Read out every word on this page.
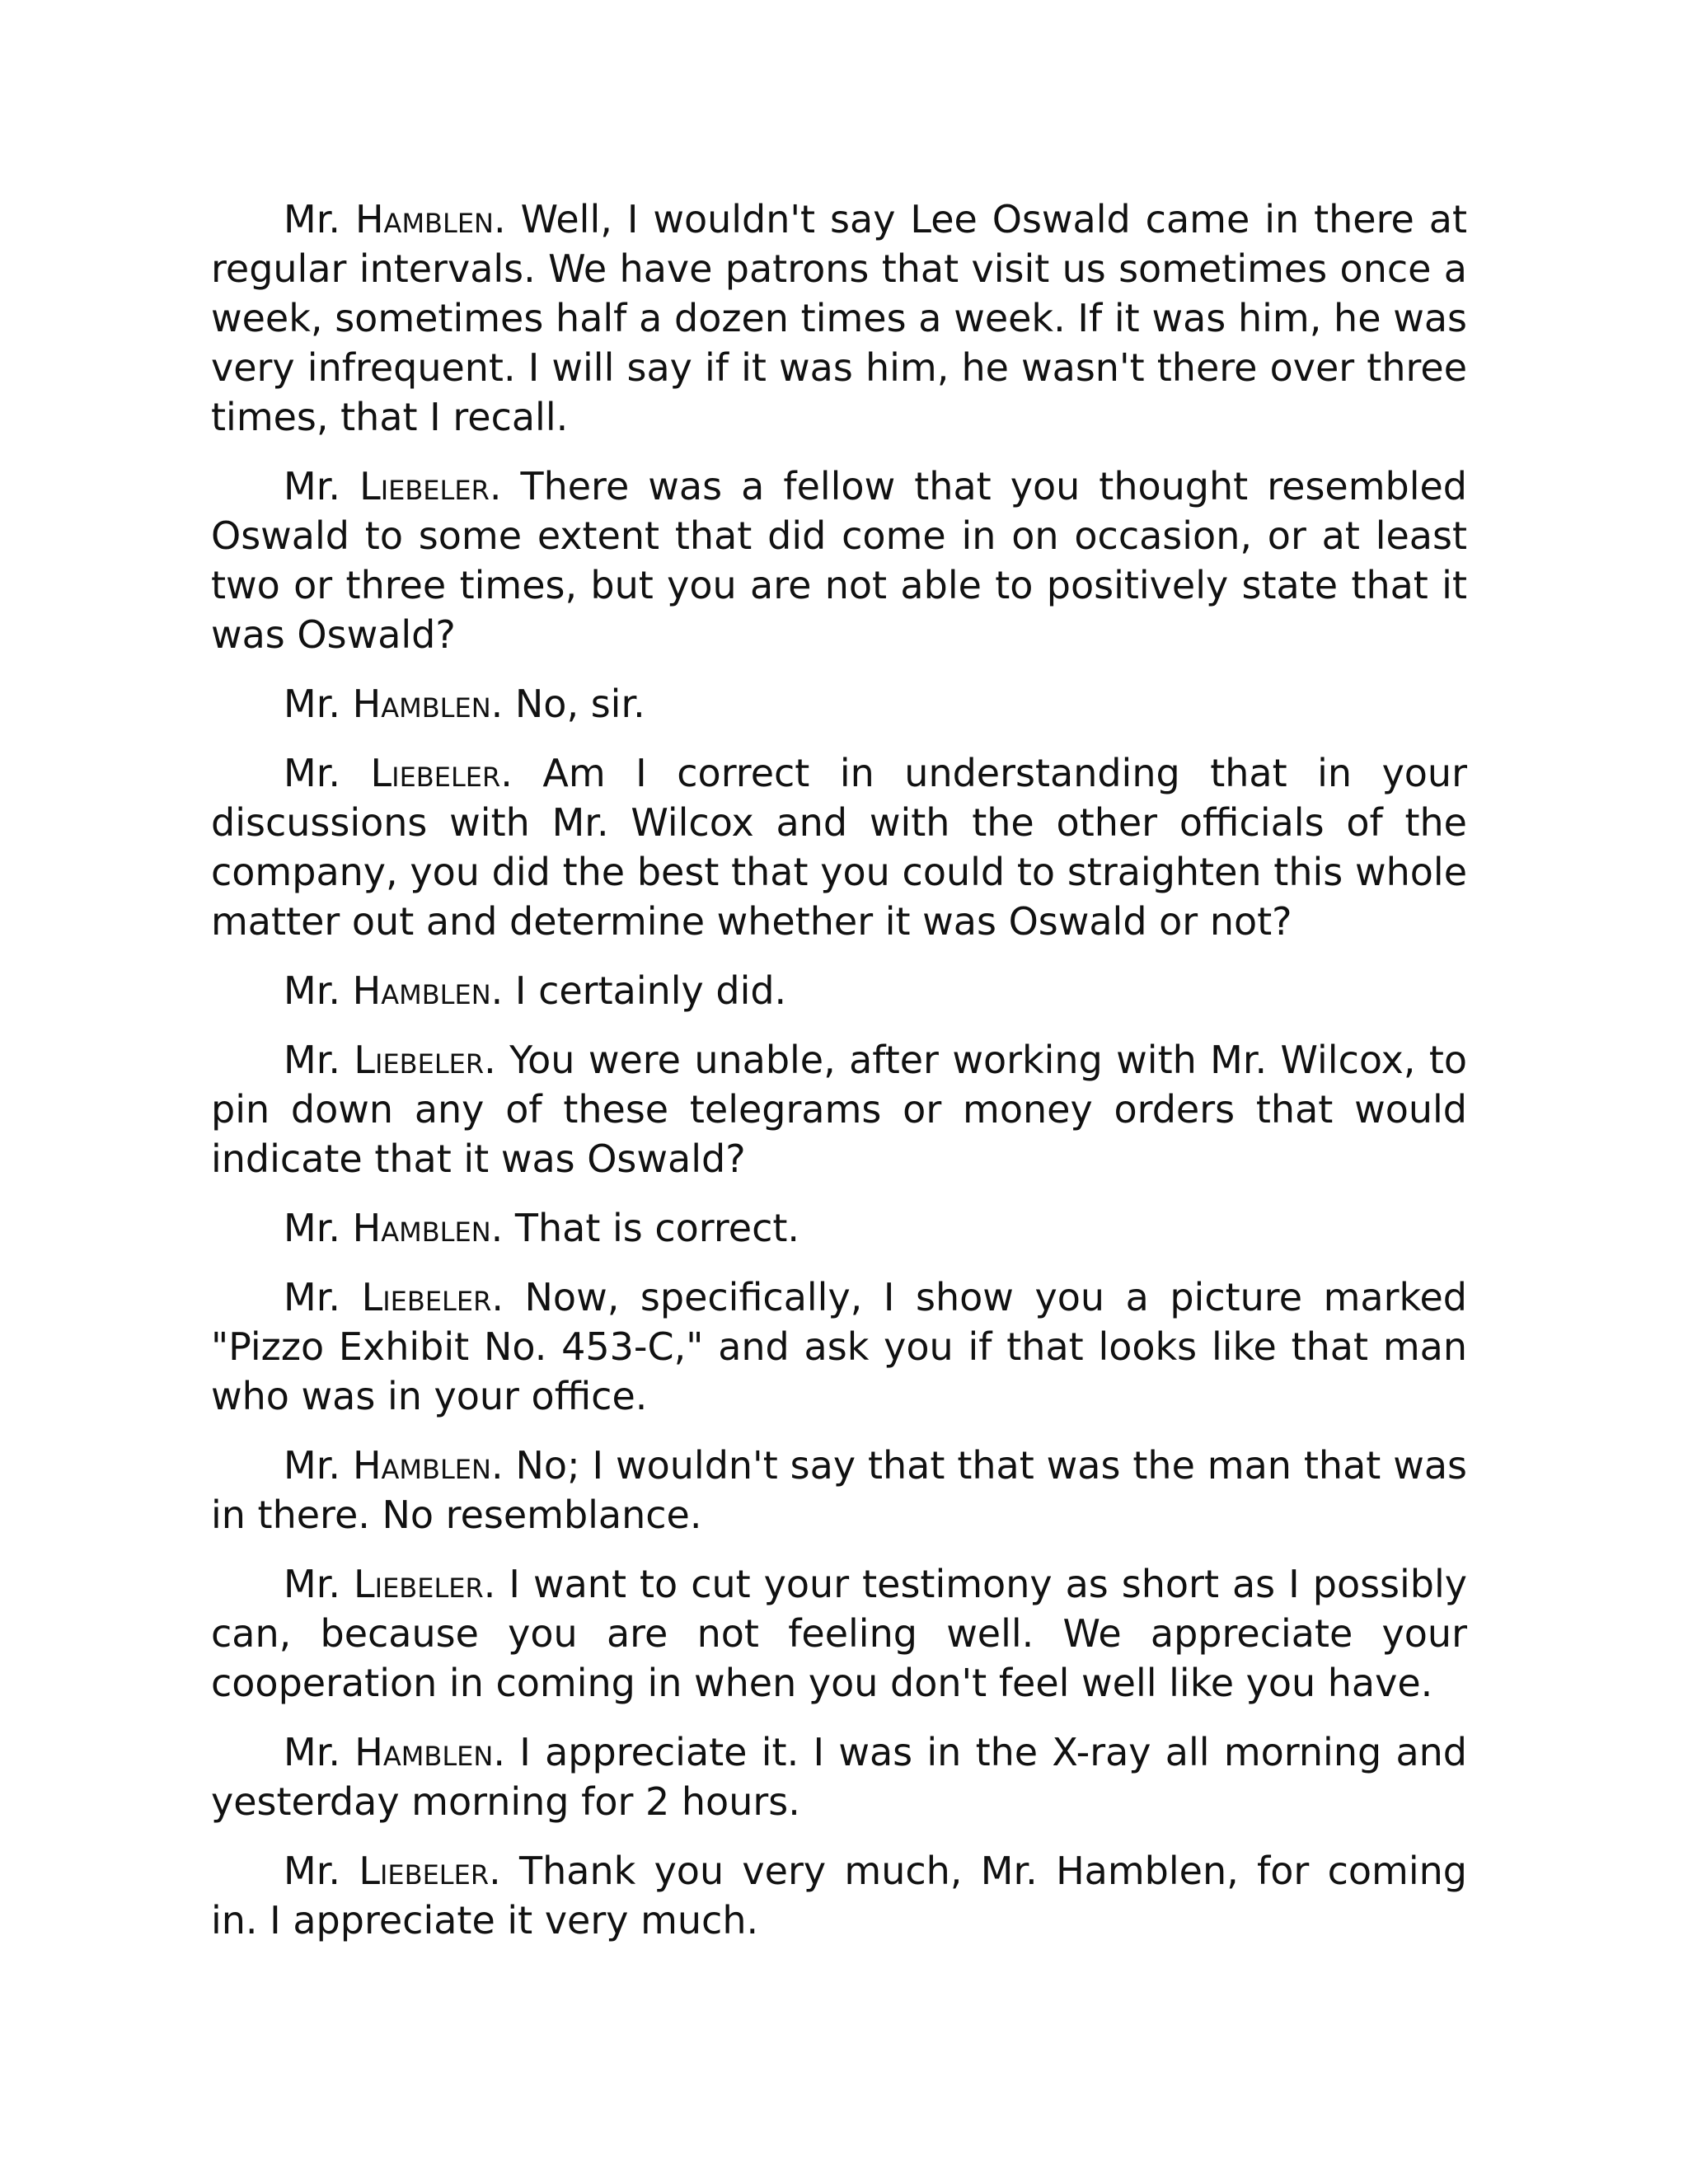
Mr. Hamblen. Well, I wouldn't say Lee Oswald came in there at regular intervals. We have patrons that visit us sometimes once a week, sometimes half a dozen times a week. If it was him, he was very infrequent. I will say if it was him, he wasn't there over three times, that I recall.

Mr. Liebeler. There was a fellow that you thought resembled Oswald to some extent that did come in on occasion, or at least two or three times, but you are not able to positively state that it was Oswald?

Mr. Hamblen. No, sir.

Mr. Liebeler. Am I correct in understanding that in your discussions with Mr. Wilcox and with the other officials of the company, you did the best that you could to straighten this whole matter out and determine whether it was Oswald or not?

Mr. Hamblen. I certainly did.

Mr. Liebeler. You were unable, after working with Mr. Wilcox, to pin down any of these telegrams or money orders that would indicate that it was Oswald?

Mr. Hamblen. That is correct.

Mr. Liebeler. Now, specifically, I show you a picture marked "Pizzo Exhibit No. 453-C," and ask you if that looks like that man who was in your office.

Mr. Hamblen. No; I wouldn't say that that was the man that was in there. No resemblance.

Mr. Liebeler. I want to cut your testimony as short as I possibly can, because you are not feeling well. We appreciate your cooperation in coming in when you don't feel well like you have.

Mr. Hamblen. I appreciate it. I was in the X-ray all morning and yesterday morning for 2 hours.

Mr. Liebeler. Thank you very much, Mr. Hamblen, for coming in. I appreciate it very much.
